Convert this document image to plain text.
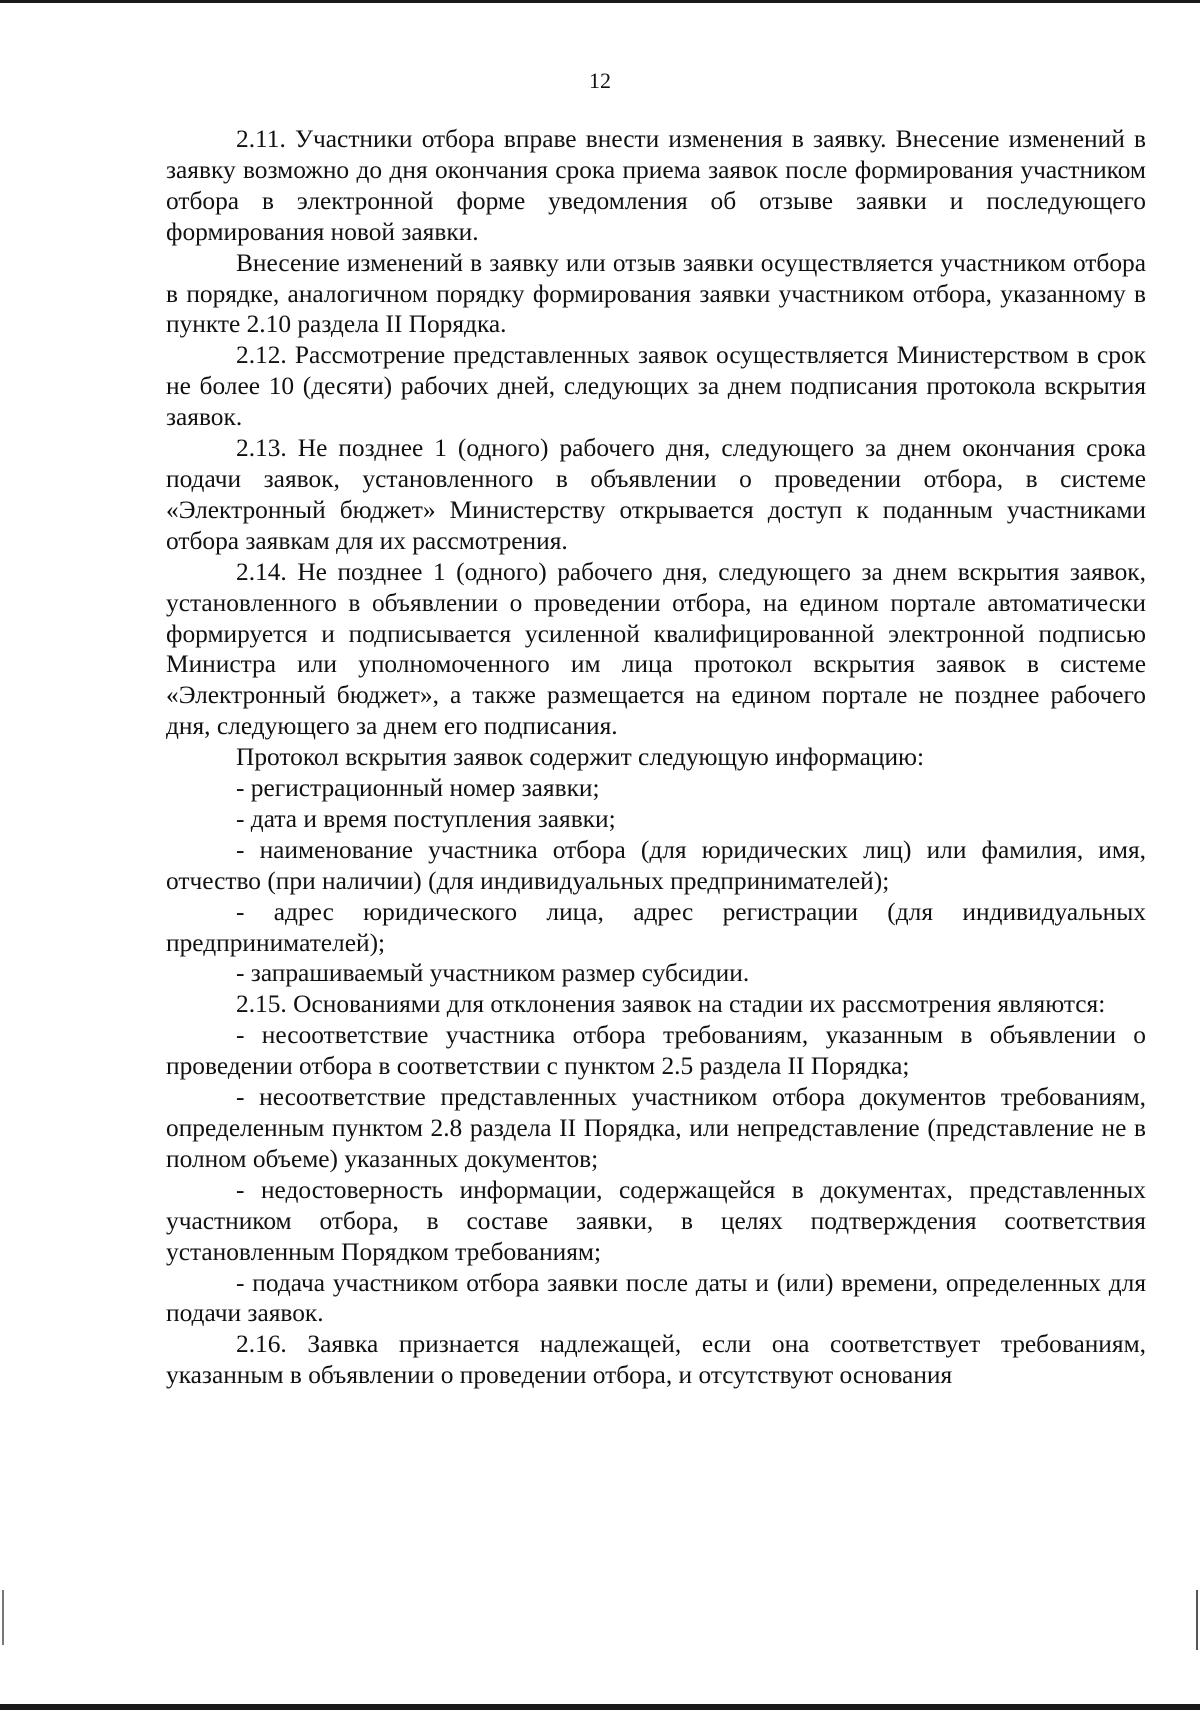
12

2.11. Участники отбора вправе внести изменения в заявку. Внесение изменений в заявку возможно до дня окончания срока приема заявок после формирования участником отбора в электронной форме уведомления об отзыве заявки и последующего формирования новой заявки.

Внесение изменений в заявку или отзыв заявки осуществляется участником отбора в порядке, аналогичном порядку формирования заявки участником отбора, указанному в пункте 2.10 раздела II Порядка.

2.12. Рассмотрение представленных заявок осуществляется Министерством в срок не более 10 (десяти) рабочих дней, следующих за днем подписания протокола вскрытия заявок.

2.13. Не позднее 1 (одного) рабочего дня, следующего за днем окончания срока подачи заявок, установленного в объявлении о проведении отбора, в системе «Электронный бюджет» Министерству открывается доступ к поданным участниками отбора заявкам для их рассмотрения.

2.14. Не позднее 1 (одного) рабочего дня, следующего за днем вскрытия заявок, установленного в объявлении о проведении отбора, на едином портале автоматически формируется и подписывается усиленной квалифицированной электронной подписью Министра или уполномоченного им лица протокол вскрытия заявок в системе «Электронный бюджет», а также размещается на едином портале не позднее рабочего дня, следующего за днем его подписания.

Протокол вскрытия заявок содержит следующую информацию:

- регистрационный номер заявки;

- дата и время поступления заявки;

- наименование участника отбора (для юридических лиц) или фамилия, имя, отчество (при наличии) (для индивидуальных предпринимателей);

- адрес юридического лица, адрес регистрации (для индивидуальных предпринимателей);

- запрашиваемый участником размер субсидии.

2.15. Основаниями для отклонения заявок на стадии их рассмотрения являются:

- несоответствие участника отбора требованиям, указанным в объявлении о проведении отбора в соответствии с пунктом 2.5 раздела II Порядка;

- несоответствие представленных участником отбора документов требованиям, определенным пунктом 2.8 раздела II Порядка, или непредставление (представление не в полном объеме) указанных документов;

- недостоверность информации, содержащейся в документах, представленных участником отбора, в составе заявки, в целях подтверждения соответствия установленным Порядком требованиям;

- подача участником отбора заявки после даты и (или) времени, определенных для подачи заявок.

2.16. Заявка признается надлежащей, если она соответствует требованиям, указанным в объявлении о проведении отбора, и отсутствуют основания
